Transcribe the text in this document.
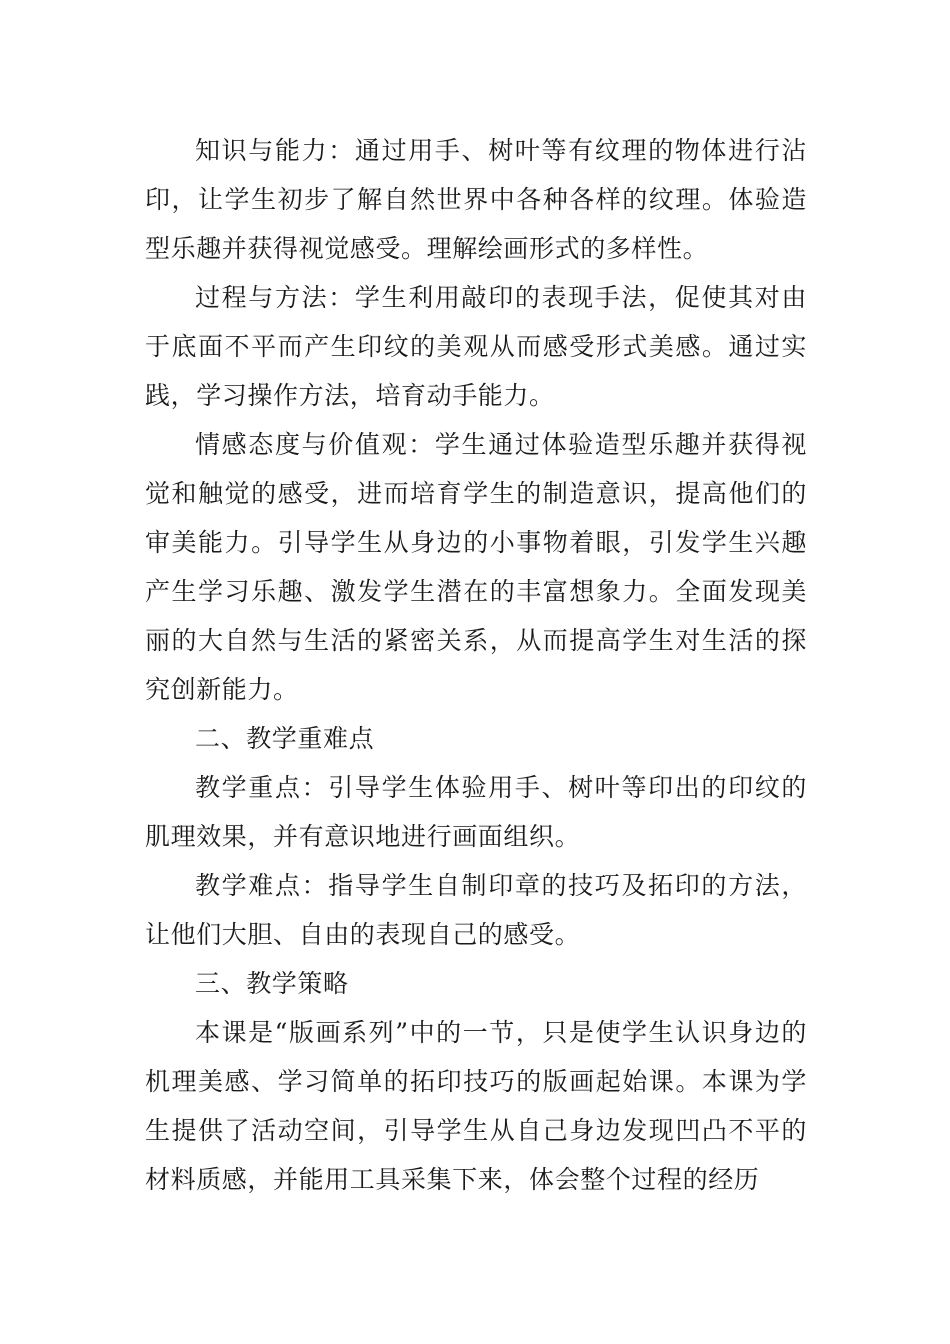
知识与能力：通过用手、树叶等有纹理的物体进行沾印，让学生初步了解自然世界中各种各样的纹理。体验造型乐趣并获得视觉感受。理解绘画形式的多样性。

过程与方法：学生利用敲印的表现手法，促使其对由于底面不平而产生印纹的美观从而感受形式美感。通过实践，学习操作方法，培育动手能力。

情感态度与价值观：学生通过体验造型乐趣并获得视觉和触觉的感受，进而培育学生的制造意识，提高他们的审美能力。引导学生从身边的小事物着眼，引发学生兴趣产生学习乐趣、激发学生潜在的丰富想象力。全面发现美丽的大自然与生活的紧密关系，从而提高学生对生活的探究创新能力。

二、教学重难点

教学重点：引导学生体验用手、树叶等印出的印纹的肌理效果，并有意识地进行画面组织。

教学难点：指导学生自制印章的技巧及拓印的方法，让他们大胆、自由的表现自己的感受。

三、教学策略

本课是“版画系列”中的一节，只是使学生认识身边的机理美感、学习简单的拓印技巧的版画起始课。本课为学生提供了活动空间，引导学生从自己身边发现凹凸不平的材料质感，并能用工具采集下来，体会整个过程的经历
